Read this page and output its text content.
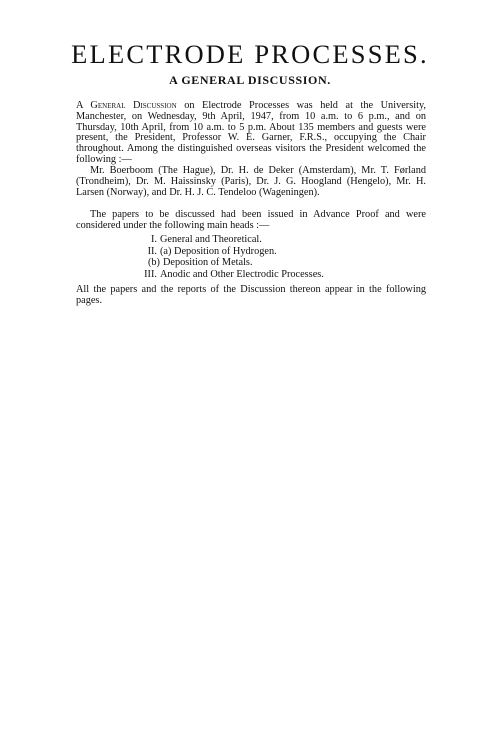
ELECTRODE PROCESSES.
A GENERAL DISCUSSION.

A General Discussion on Electrode Processes was held at the University, Manchester, on Wednesday, 9th April, 1947, from 10 a.m. to 6 p.m., and on Thursday, 10th April, from 10 a.m. to 5 p.m. About 135 members and guests were present, the President, Professor W. E. Garner, F.R.S., occupying the Chair throughout. Among the distinguished overseas visitors the President welcomed the following :—

Mr. Boerboom (The Hague), Dr. H. de Deker (Amsterdam), Mr. T. Førland (Trondheim), Dr. M. Haissinsky (Paris), Dr. J. G. Hoogland (Hengelo), Mr. H. Larsen (Norway), and Dr. H. J. C. Tendeloo (Wageningen).

The papers to be discussed had been issued in Advance Proof and were considered under the following main heads :—

I. General and Theoretical.
II. (a) Deposition of Hydrogen.
(b) Deposition of Metals.
III. Anodic and Other Electrodic Processes.

All the papers and the reports of the Discussion thereon appear in the following pages.
